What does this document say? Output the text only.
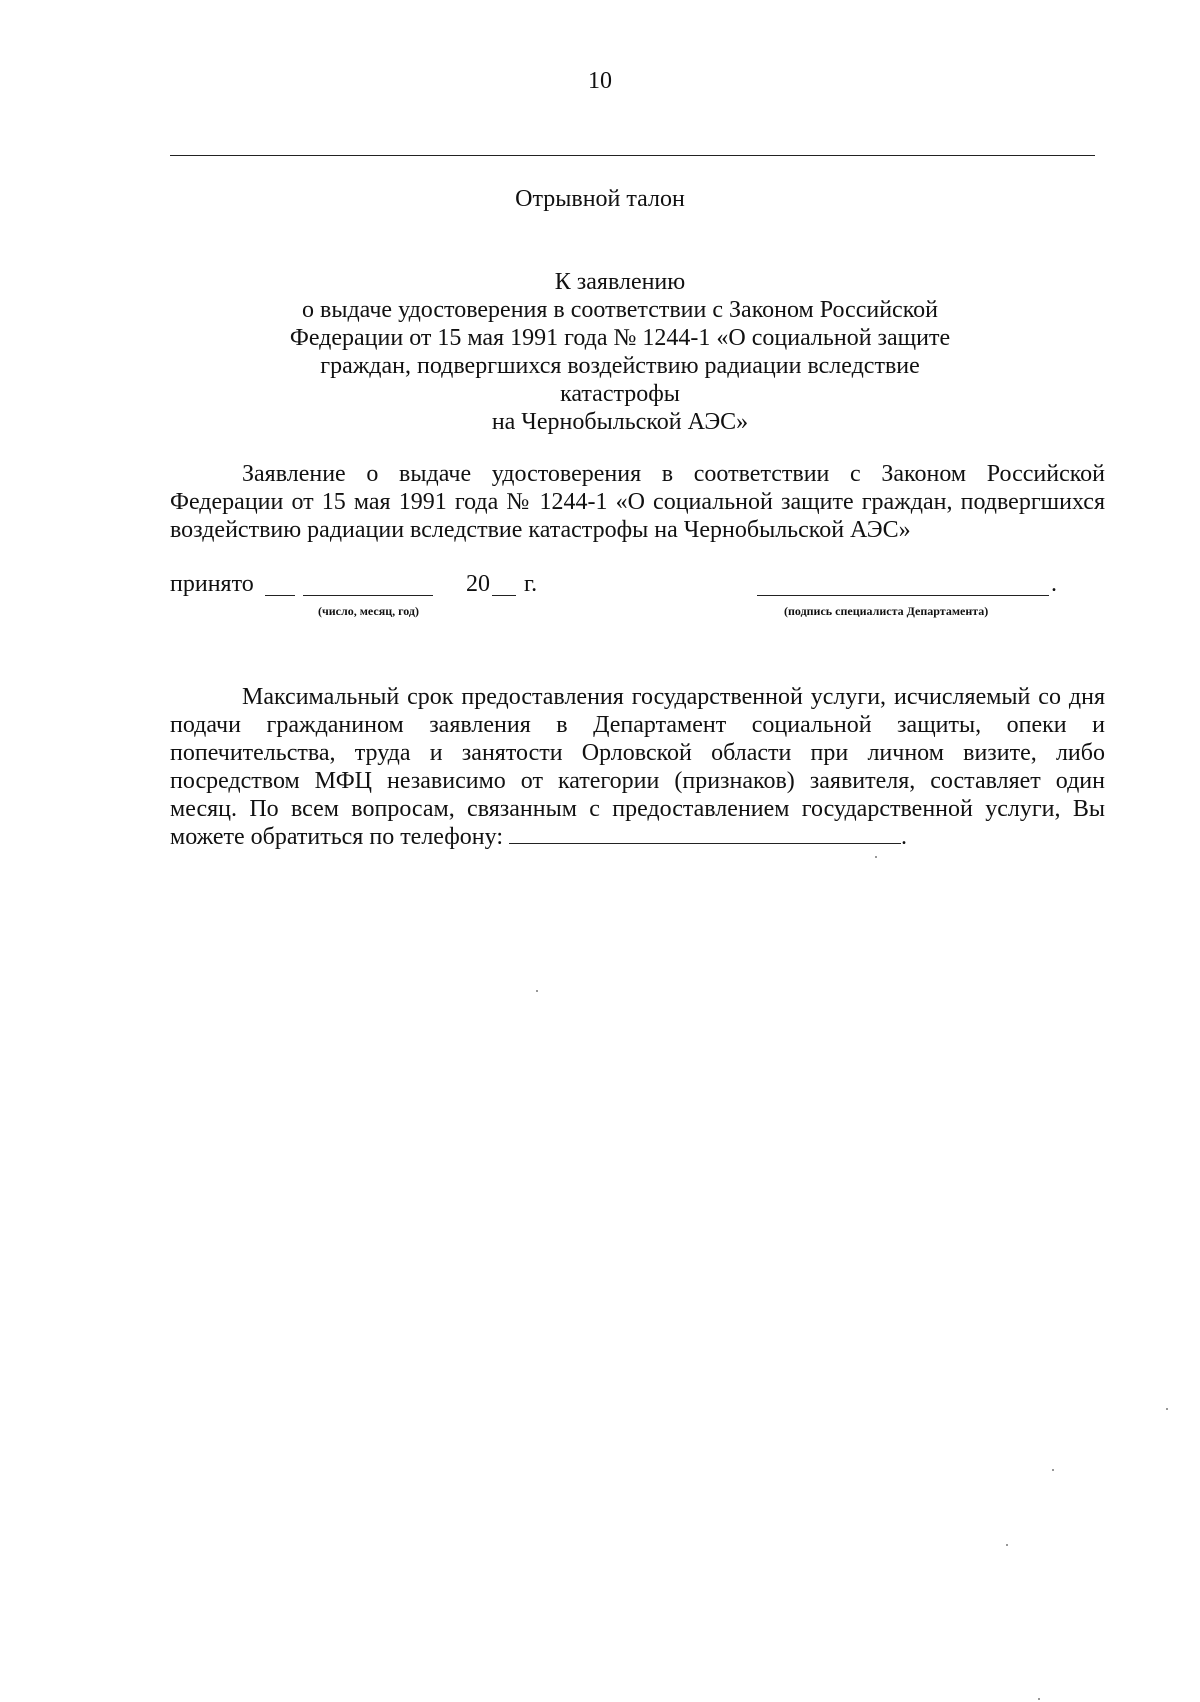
10
Отрывной талон
К заявлению
о выдаче удостоверения в соответствии с Законом Российской
Федерации от 15 мая 1991 года № 1244-1 «О социальной защите
граждан, подвергшихся воздействию радиации вследствие катастрофы
на Чернобыльской АЭС»
Заявление о выдаче удостоверения в соответствии с Законом Российской Федерации от 15 мая 1991 года № 1244-1 «О социальной защите граждан, подвергшихся воздействию радиации вследствие катастрофы на Чернобыльской АЭС»
принято	20 г.
(число, месяц, год)
.
(подпись специалиста Департамента)
Максимальный срок предоставления государственной услуги, исчисляемый со дня подачи гражданином заявления в Департамент социальной защиты, опеки и попечительства, труда и занятости Орловской области при личном визите, либо посредством МФЦ независимо от категории (признаков) заявителя, составляет один месяц. По всем вопросам, связанным с предоставлением государственной услуги, Вы можете обратиться по телефону:	.
